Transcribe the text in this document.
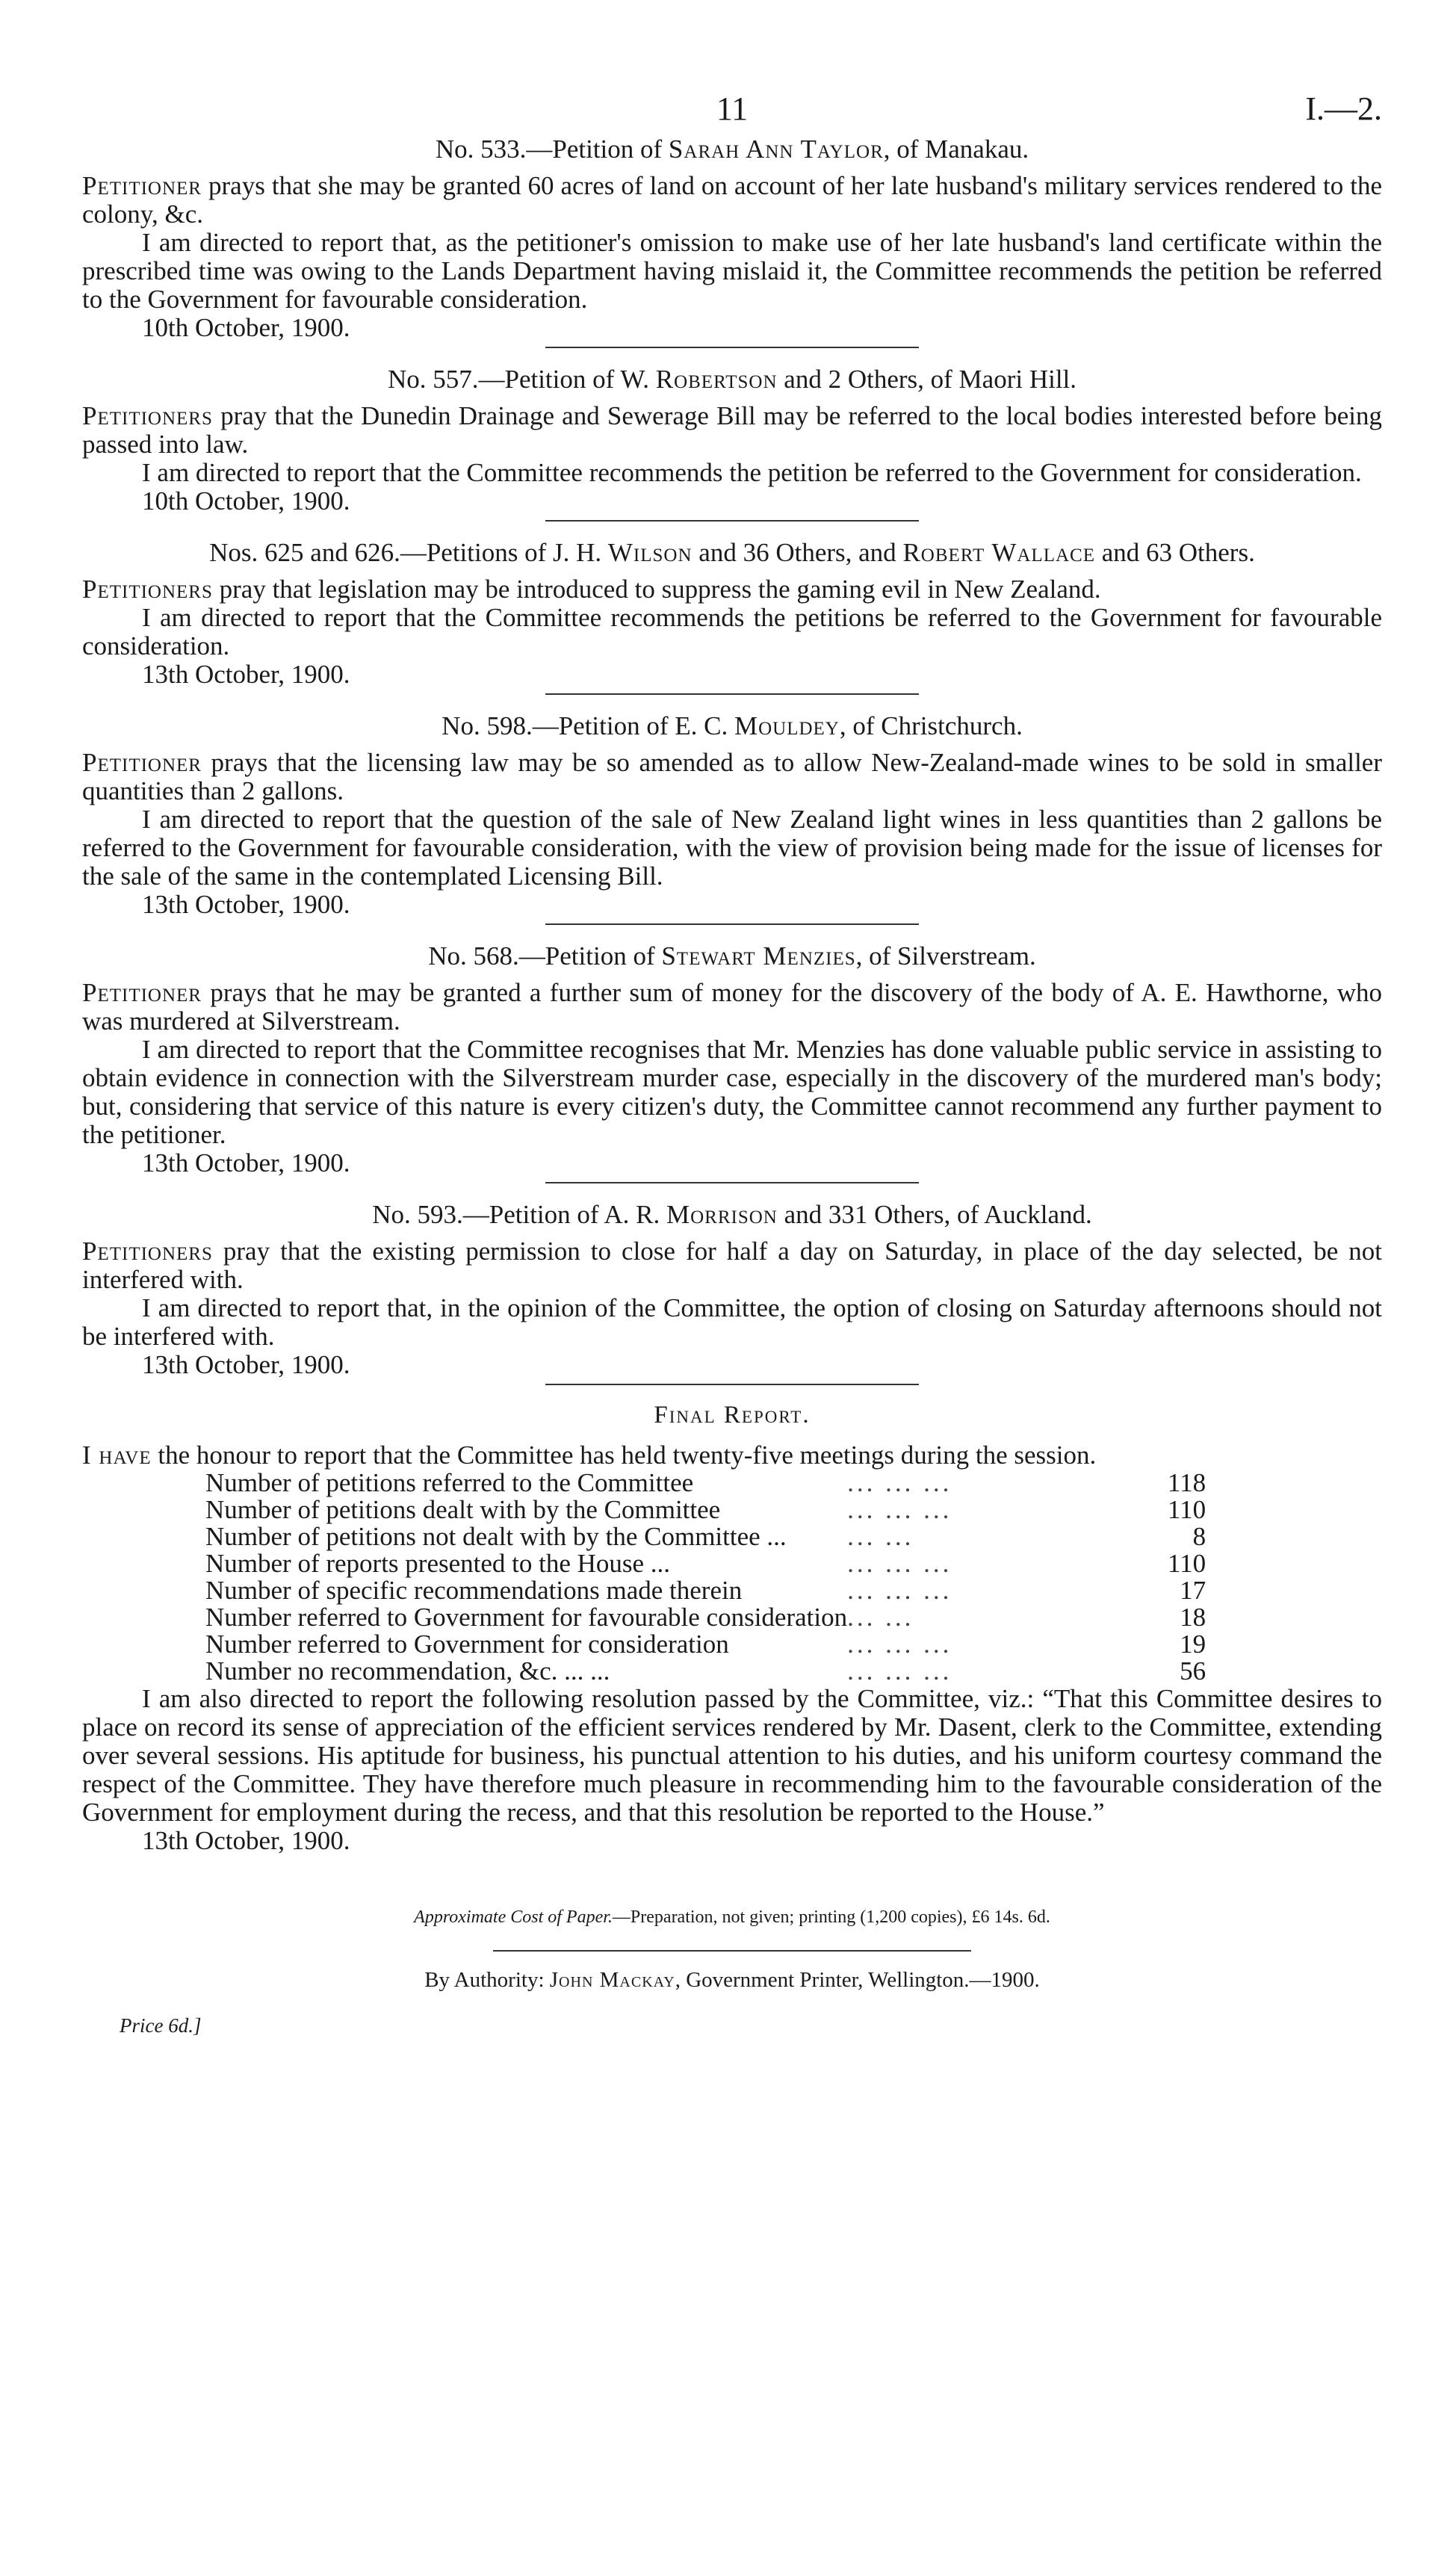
11	I.—2.
No. 533.—Petition of Sarah Ann Taylor, of Manakau.

Petitioner prays that she may be granted 60 acres of land on account of her late husband's military services rendered to the colony, &c.

I am directed to report that, as the petitioner's omission to make use of her late husband's land certificate within the prescribed time was owing to the Lands Department having mislaid it, the Committee recommends the petition be referred to the Government for favourable consideration.

10th October, 1900.
No. 557.—Petition of W. Robertson and 2 Others, of Maori Hill.

Petitioners pray that the Dunedin Drainage and Sewerage Bill may be referred to the local bodies interested before being passed into law.

I am directed to report that the Committee recommends the petition be referred to the Government for consideration.

10th October, 1900.
Nos. 625 and 626.—Petitions of J. H. Wilson and 36 Others, and Robert Wallace and 63 Others.

Petitioners pray that legislation may be introduced to suppress the gaming evil in New Zealand.

I am directed to report that the Committee recommends the petitions be referred to the Government for favourable consideration.

13th October, 1900.
No. 598.—Petition of E. C. Mouldey, of Christchurch.

Petitioner prays that the licensing law may be so amended as to allow New-Zealand-made wines to be sold in smaller quantities than 2 gallons.

I am directed to report that the question of the sale of New Zealand light wines in less quantities than 2 gallons be referred to the Government for favourable consideration, with the view of provision being made for the issue of licenses for the sale of the same in the contemplated Licensing Bill.

13th October, 1900.
No. 568.—Petition of Stewart Menzies, of Silverstream.

Petitioner prays that he may be granted a further sum of money for the discovery of the body of A. E. Hawthorne, who was murdered at Silverstream.

I am directed to report that the Committee recognises that Mr. Menzies has done valuable public service in assisting to obtain evidence in connection with the Silverstream murder case, especially in the discovery of the murdered man's body; but, considering that service of this nature is every citizen's duty, the Committee cannot recommend any further payment to the petitioner.

13th October, 1900.
No. 593.—Petition of A. R. Morrison and 331 Others, of Auckland.

Petitioners pray that the existing permission to close for half a day on Saturday, in place of the day selected, be not interfered with.

I am directed to report that, in the opinion of the Committee, the option of closing on Saturday afternoons should not be interfered with.

13th October, 1900.
Final Report.

I have the honour to report that the Committee has held twenty-five meetings during the session.

Number of petitions referred to the Committee	... ... ...	118
Number of petitions dealt with by the Committee	... ... ...	110
Number of petitions not dealt with by the Committee ...	... ...	8
Number of reports presented to the House ...	... ... ...	110
Number of specific recommendations made therein	... ... ...	17
Number referred to Government for favourable consideration	... ...	18
Number referred to Government for consideration	... ... ...	19
Number no recommendation, &c. ... ...	... ... ...	56

I am also directed to report the following resolution passed by the Committee, viz.: “That this Committee desires to place on record its sense of appreciation of the efficient services rendered by Mr. Dasent, clerk to the Committee, extending over several sessions. His aptitude for business, his punctual attention to his duties, and his uniform courtesy command the respect of the Committee. They have therefore much pleasure in recommending him to the favourable consideration of the Government for employment during the recess, and that this resolution be reported to the House.”

13th October, 1900.
Approximate Cost of Paper.—Preparation, not given; printing (1,200 copies), £6 14s. 6d.
By Authority: John Mackay, Government Printer, Wellington.—1900.
Price 6d.]
